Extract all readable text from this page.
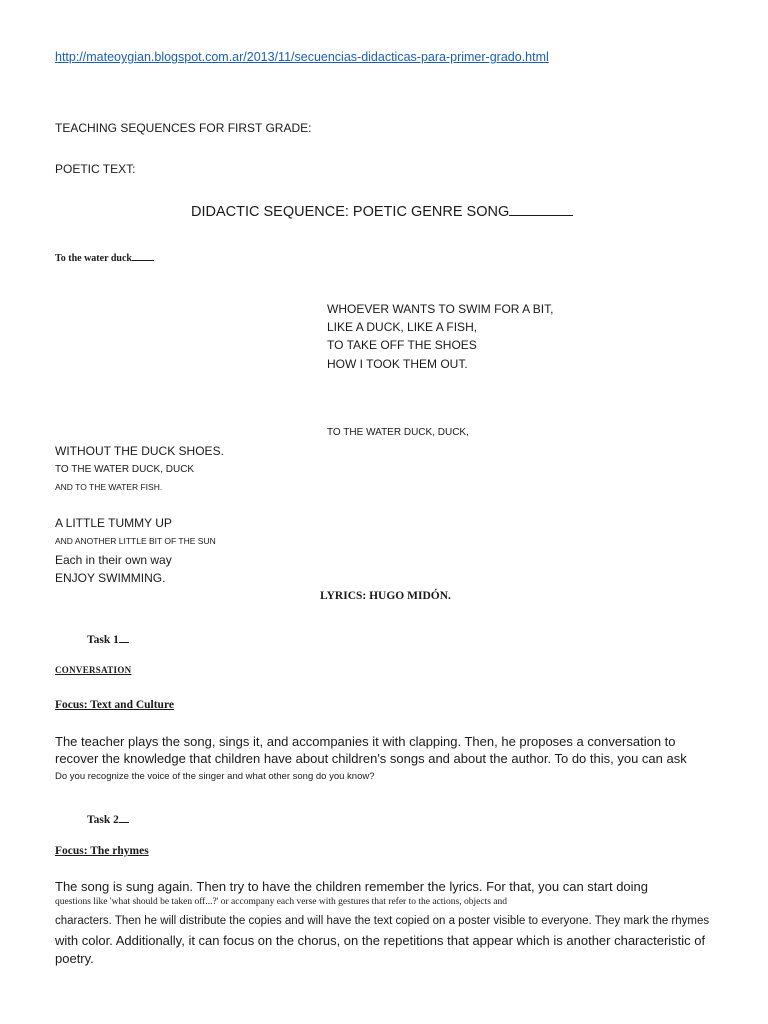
http://mateoygian.blogspot.com.ar/2013/11/secuencias-didacticas-para-primer-grado.html
TEACHING SEQUENCES FOR FIRST GRADE:
POETIC TEXT:
DIDACTIC SEQUENCE: POETIC GENRE SONG
To the water duck
WHOEVER WANTS TO SWIM FOR A BIT,
LIKE A DUCK, LIKE A FISH,
TO TAKE OFF THE SHOES
HOW I TOOK THEM OUT.
TO THE WATER DUCK, DUCK,
WITHOUT THE DUCK SHOES.
TO THE WATER DUCK, DUCK
AND TO THE WATER FISH.
A LITTLE TUMMY UP
AND ANOTHER LITTLE BIT OF THE SUN
Each in their own way
ENJOY SWIMMING.
LYRICS: HUGO MIDÓN.
Task 1
CONVERSATION
Focus: Text and Culture
The teacher plays the song, sings it, and accompanies it with clapping. Then, he proposes a conversation to
recover the knowledge that children have about children's songs and about the author. To do this, you can ask
Do you recognize the voice of the singer and what other song do you know?
Task 2
Focus: The rhymes
The song is sung again. Then try to have the children remember the lyrics. For that, you can start doing
questions like 'what should be taken off...?' or accompany each verse with gestures that refer to the actions, objects and
characters. Then he will distribute the copies and will have the text copied on a poster visible to everyone. They mark the rhymes
with color. Additionally, it can focus on the chorus, on the repetitions that appear which is another characteristic of
poetry.
